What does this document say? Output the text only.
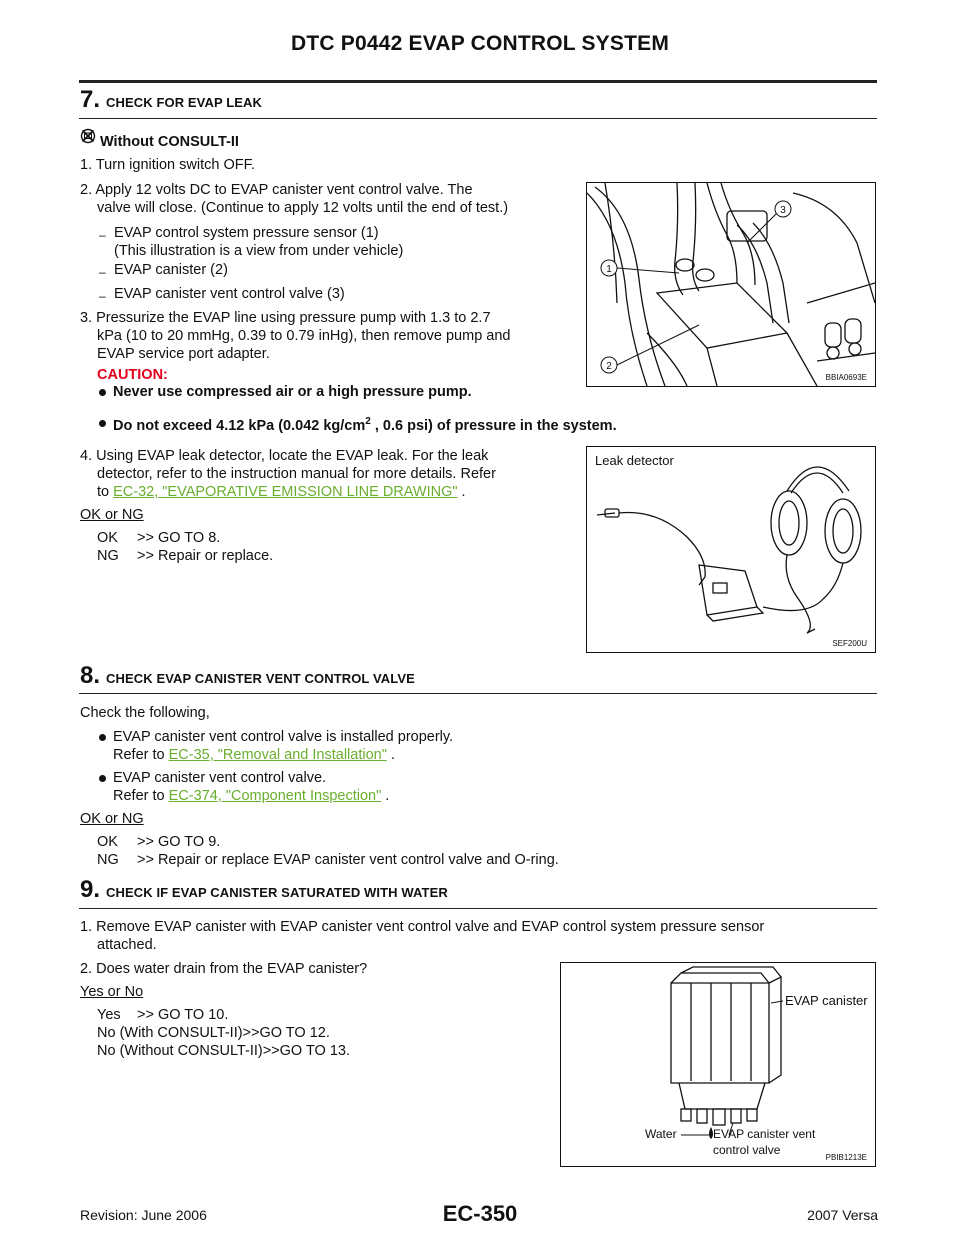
DTC P0442 EVAP CONTROL SYSTEM
7. CHECK FOR EVAP LEAK
Without CONSULT-II
1. Turn ignition switch OFF.
2. Apply 12 volts DC to EVAP canister vent control valve. The
valve will close. (Continue to apply 12 volts until the end of test.)
– EVAP control system pressure sensor (1)
(This illustration is a view from under vehicle)
– EVAP canister (2)
– EVAP canister vent control valve (3)
3. Pressurize the EVAP line using pressure pump with 1.3 to 2.7
kPa (10 to 20 mmHg, 0.39 to 0.79 inHg), then remove pump and
EVAP service port adapter.
CAUTION:
Never use compressed air or a high pressure pump.
Do not exceed 4.12 kPa (0.042 $kg/cm^2$ , 0.6 psi) of pressure in the system.
1
2
3
BBIA0693E
4. Using EVAP leak detector, locate the EVAP leak. For the leak
detector, refer to the instruction manual for more details. Refer
to EC-32, "EVAPORATIVE EMISSION LINE DRAWING" .
OK or NG
OK >> GO TO 8.
NG >> Repair or replace.
Leak detector
SEF200U
8. CHECK EVAP CANISTER VENT CONTROL VALVE
Check the following,
EVAP canister vent control valve is installed properly.
Refer to EC-35, "Removal and Installation" .
EVAP canister vent control valve.
Refer to EC-374, "Component Inspection" .
OK or NG
OK >> GO TO 9.
NG >> Repair or replace EVAP canister vent control valve and O-ring.
9. CHECK IF EVAP CANISTER SATURATED WITH WATER
1. Remove EVAP canister with EVAP canister vent control valve and EVAP control system pressure sensor
attached.
2. Does water drain from the EVAP canister?
Yes or No
Yes >> GO TO 10.
No (With CONSULT-II)>>GO TO 12.
No (Without CONSULT-II)>>GO TO 13.
EVAP canister
Water	EVAP canister vent
control valve
PBIB1213E
Revision: June 2006	EC-350	2007 Versa
